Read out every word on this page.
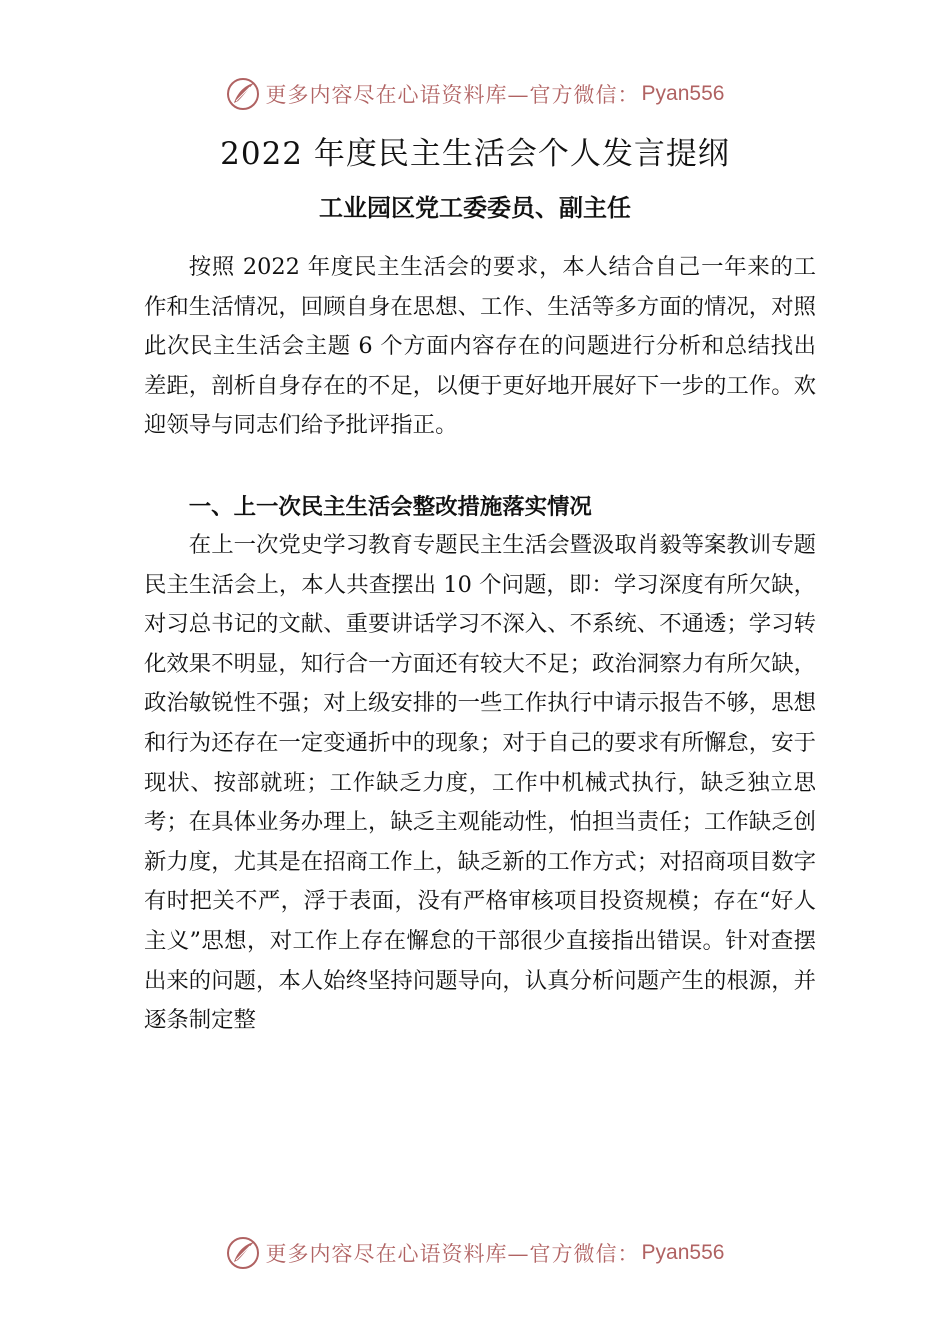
更多内容尽在心语资料库—官方微信： Pyan556
2022 年度民主生活会个人发言提纲
工业园区党工委委员、副主任

按照 2022 年度民主生活会的要求，本人结合自己一年来的工作和生活情况，回顾自身在思想、工作、生活等多方面的情况，对照此次民主生活会主题 6 个方面内容存在的问题进行分析和总结找出差距，剖析自身存在的不足，以便于更好地开展好下一步的工作。欢迎领导与同志们给予批评指正。

一、上一次民主生活会整改措施落实情况

在上一次党史学习教育专题民主生活会暨汲取肖毅等案教训专题民主生活会上，本人共查摆出 10 个问题，即：学习深度有所欠缺，对习总书记的文献、重要讲话学习不深入、不系统、不通透；学习转化效果不明显，知行合一方面还有较大不足；政治洞察力有所欠缺，政治敏锐性不强；对上级安排的一些工作执行中请示报告不够，思想和行为还存在一定变通折中的现象；对于自己的要求有所懈怠，安于现状、按部就班；工作缺乏力度，工作中机械式执行，缺乏独立思考；在具体业务办理上，缺乏主观能动性，怕担当责任；工作缺乏创新力度，尤其是在招商工作上，缺乏新的工作方式；对招商项目数字有时把关不严，浮于表面，没有严格审核项目投资规模；存在“好人主义”思想，对工作上存在懈怠的干部很少直接指出错误。针对查摆出来的问题，本人始终坚持问题导向，认真分析问题产生的根源，并逐条制定整

更多内容尽在心语资料库—官方微信： Pyan556
